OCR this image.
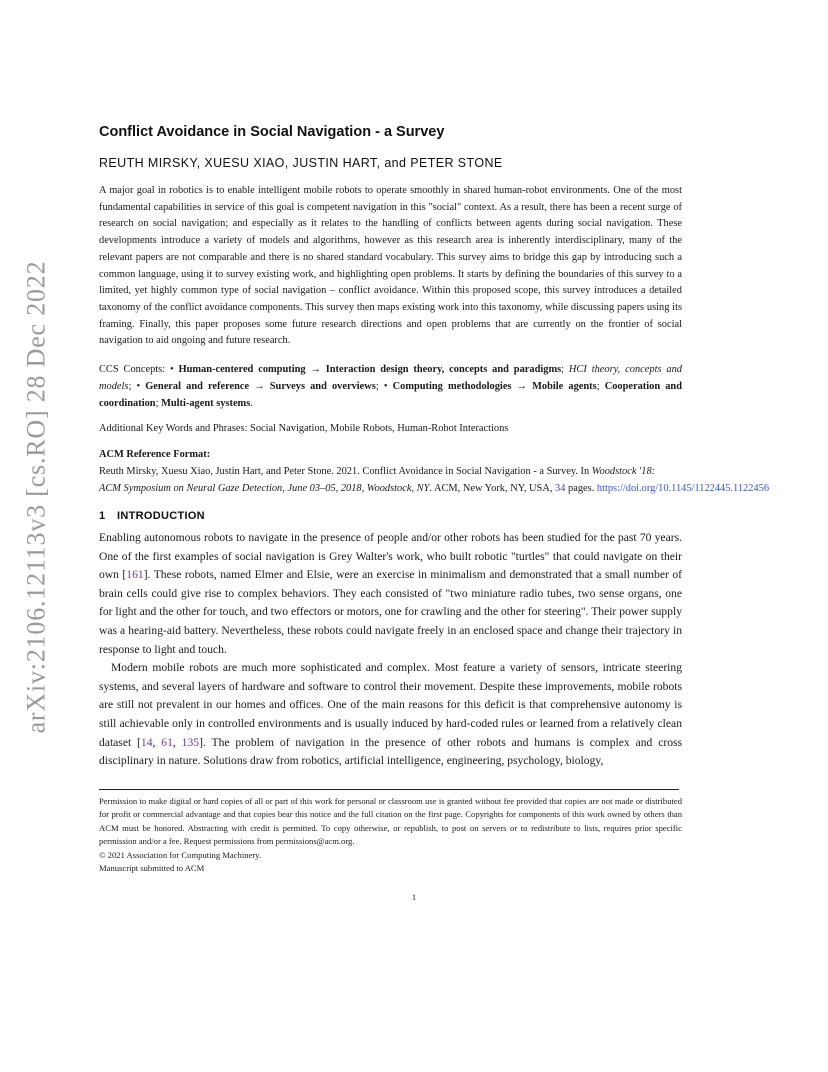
arXiv:2106.12113v3 [cs.RO] 28 Dec 2022
Conflict Avoidance in Social Navigation - a Survey
REUTH MIRSKY, XUESU XIAO, JUSTIN HART, and PETER STONE

A major goal in robotics is to enable intelligent mobile robots to operate smoothly in shared human-robot environments. One of the most fundamental capabilities in service of this goal is competent navigation in this "social" context. As a result, there has been a recent surge of research on social navigation; and especially as it relates to the handling of conflicts between agents during social navigation. These developments introduce a variety of models and algorithms, however as this research area is inherently interdisciplinary, many of the relevant papers are not comparable and there is no shared standard vocabulary. This survey aims to bridge this gap by introducing such a common language, using it to survey existing work, and highlighting open problems. It starts by defining the boundaries of this survey to a limited, yet highly common type of social navigation – conflict avoidance. Within this proposed scope, this survey introduces a detailed taxonomy of the conflict avoidance components. This survey then maps existing work into this taxonomy, while discussing papers using its framing. Finally, this paper proposes some future research directions and open problems that are currently on the frontier of social navigation to aid ongoing and future research.

CCS Concepts: • Human-centered computing → Interaction design theory, concepts and paradigms; HCI theory, concepts and models; • General and reference → Surveys and overviews; • Computing methodologies → Mobile agents; Cooperation and coordination; Multi-agent systems.

Additional Key Words and Phrases: Social Navigation, Mobile Robots, Human-Robot Interactions

ACM Reference Format:
Reuth Mirsky, Xuesu Xiao, Justin Hart, and Peter Stone. 2021. Conflict Avoidance in Social Navigation - a Survey. In Woodstock '18:
ACM Symposium on Neural Gaze Detection, June 03–05, 2018, Woodstock, NY. ACM, New York, NY, USA, 34 pages. https://doi.org/10.1145/1122445.1122456
1 INTRODUCTION

Enabling autonomous robots to navigate in the presence of people and/or other robots has been studied for the past 70 years. One of the first examples of social navigation is Grey Walter's work, who built robotic "turtles" that could navigate on their own [161]. These robots, named Elmer and Elsie, were an exercise in minimalism and demonstrated that a small number of brain cells could give rise to complex behaviors. They each consisted of "two miniature radio tubes, two sense organs, one for light and the other for touch, and two effectors or motors, one for crawling and the other for steering". Their power supply was a hearing-aid battery. Nevertheless, these robots could navigate freely in an enclosed space and change their trajectory in response to light and touch.

Modern mobile robots are much more sophisticated and complex. Most feature a variety of sensors, intricate steering systems, and several layers of hardware and software to control their movement. Despite these improvements, mobile robots are still not prevalent in our homes and offices. One of the main reasons for this deficit is that comprehensive autonomy is still achievable only in controlled environments and is usually induced by hard-coded rules or learned from a relatively clean dataset [14, 61, 135]. The problem of navigation in the presence of other robots and humans is complex and cross disciplinary in nature. Solutions draw from robotics, artificial intelligence, engineering, psychology, biology,

Permission to make digital or hard copies of all or part of this work for personal or classroom use is granted without fee provided that copies are not made or distributed for profit or commercial advantage and that copies bear this notice and the full citation on the first page. Copyrights for components of this work owned by others than ACM must be honored. Abstracting with credit is permitted. To copy otherwise, or republish, to post on servers or to redistribute to lists, requires prior specific permission and/or a fee. Request permissions from permissions@acm.org.
© 2021 Association for Computing Machinery.
Manuscript submitted to ACM
1
